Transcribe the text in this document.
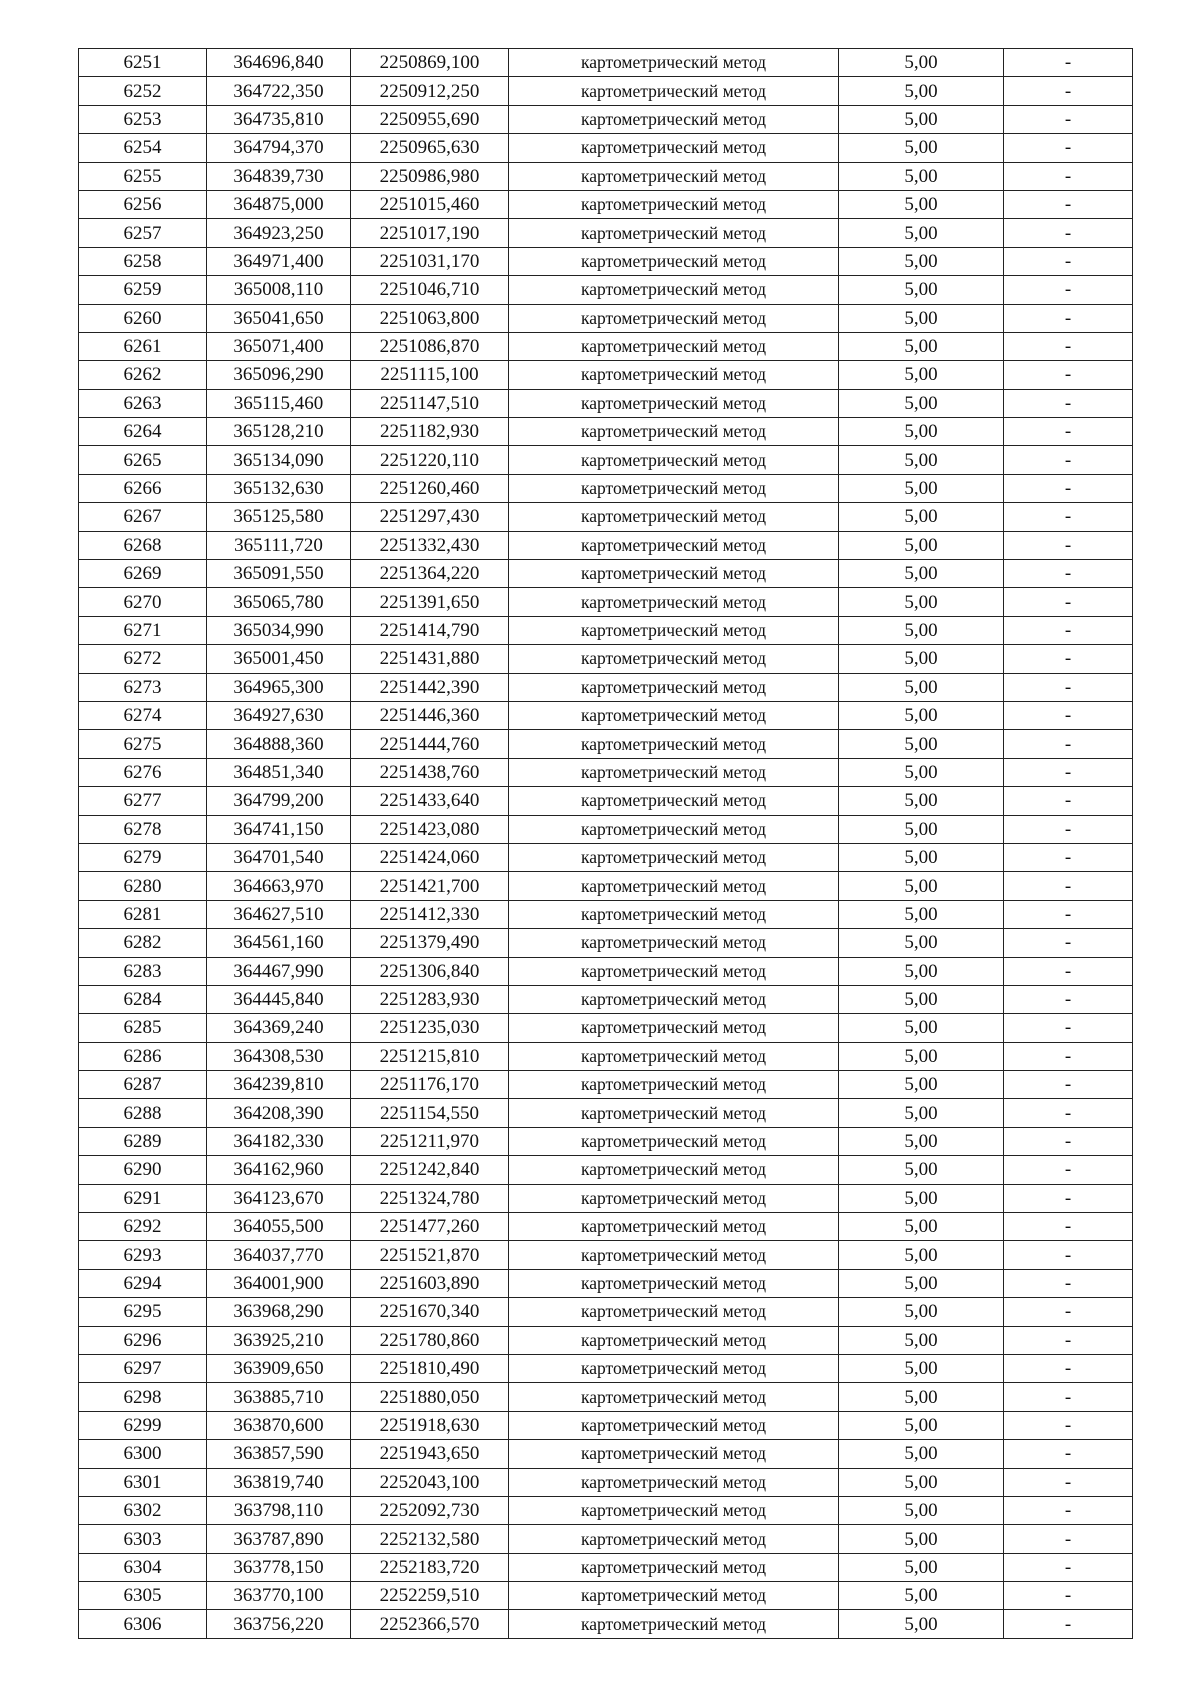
6251	364696,840	2250869,100	картометрический метод	5,00	-
6252	364722,350	2250912,250	картометрический метод	5,00	-
6253	364735,810	2250955,690	картометрический метод	5,00	-
6254	364794,370	2250965,630	картометрический метод	5,00	-
6255	364839,730	2250986,980	картометрический метод	5,00	-
6256	364875,000	2251015,460	картометрический метод	5,00	-
6257	364923,250	2251017,190	картометрический метод	5,00	-
6258	364971,400	2251031,170	картометрический метод	5,00	-
6259	365008,110	2251046,710	картометрический метод	5,00	-
6260	365041,650	2251063,800	картометрический метод	5,00	-
6261	365071,400	2251086,870	картометрический метод	5,00	-
6262	365096,290	2251115,100	картометрический метод	5,00	-
6263	365115,460	2251147,510	картометрический метод	5,00	-
6264	365128,210	2251182,930	картометрический метод	5,00	-
6265	365134,090	2251220,110	картометрический метод	5,00	-
6266	365132,630	2251260,460	картометрический метод	5,00	-
6267	365125,580	2251297,430	картометрический метод	5,00	-
6268	365111,720	2251332,430	картометрический метод	5,00	-
6269	365091,550	2251364,220	картометрический метод	5,00	-
6270	365065,780	2251391,650	картометрический метод	5,00	-
6271	365034,990	2251414,790	картометрический метод	5,00	-
6272	365001,450	2251431,880	картометрический метод	5,00	-
6273	364965,300	2251442,390	картометрический метод	5,00	-
6274	364927,630	2251446,360	картометрический метод	5,00	-
6275	364888,360	2251444,760	картометрический метод	5,00	-
6276	364851,340	2251438,760	картометрический метод	5,00	-
6277	364799,200	2251433,640	картометрический метод	5,00	-
6278	364741,150	2251423,080	картометрический метод	5,00	-
6279	364701,540	2251424,060	картометрический метод	5,00	-
6280	364663,970	2251421,700	картометрический метод	5,00	-
6281	364627,510	2251412,330	картометрический метод	5,00	-
6282	364561,160	2251379,490	картометрический метод	5,00	-
6283	364467,990	2251306,840	картометрический метод	5,00	-
6284	364445,840	2251283,930	картометрический метод	5,00	-
6285	364369,240	2251235,030	картометрический метод	5,00	-
6286	364308,530	2251215,810	картометрический метод	5,00	-
6287	364239,810	2251176,170	картометрический метод	5,00	-
6288	364208,390	2251154,550	картометрический метод	5,00	-
6289	364182,330	2251211,970	картометрический метод	5,00	-
6290	364162,960	2251242,840	картометрический метод	5,00	-
6291	364123,670	2251324,780	картометрический метод	5,00	-
6292	364055,500	2251477,260	картометрический метод	5,00	-
6293	364037,770	2251521,870	картометрический метод	5,00	-
6294	364001,900	2251603,890	картометрический метод	5,00	-
6295	363968,290	2251670,340	картометрический метод	5,00	-
6296	363925,210	2251780,860	картометрический метод	5,00	-
6297	363909,650	2251810,490	картометрический метод	5,00	-
6298	363885,710	2251880,050	картометрический метод	5,00	-
6299	363870,600	2251918,630	картометрический метод	5,00	-
6300	363857,590	2251943,650	картометрический метод	5,00	-
6301	363819,740	2252043,100	картометрический метод	5,00	-
6302	363798,110	2252092,730	картометрический метод	5,00	-
6303	363787,890	2252132,580	картометрический метод	5,00	-
6304	363778,150	2252183,720	картометрический метод	5,00	-
6305	363770,100	2252259,510	картометрический метод	5,00	-
6306	363756,220	2252366,570	картометрический метод	5,00	-
